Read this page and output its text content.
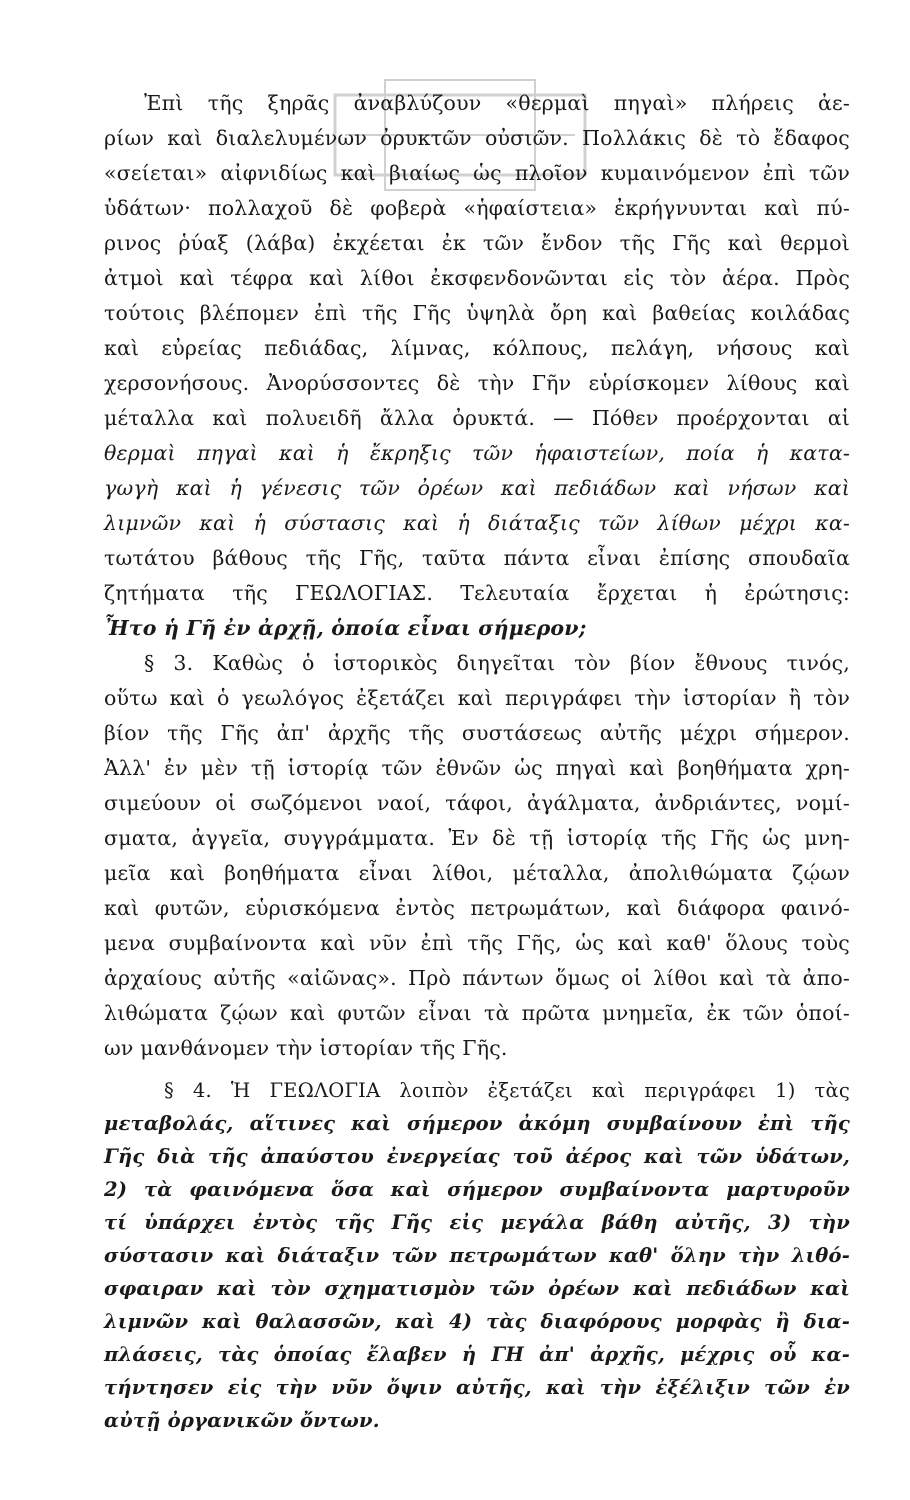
Ἐπὶ τῆς ξηρᾶς ἀναβλύζουν «θερμαὶ πηγαὶ» πλήρεις ἀε-
ρίων καὶ διαλελυμένων ὀρυκτῶν οὐσιῶν. Πολλάκις δὲ τὸ ἔδαφος
«σείεται» αἰφνιδίως καὶ βιαίως ὡς πλοῖον κυμαινόμενον ἐπὶ τῶν
ὑδάτων· πολλαχοῦ δὲ φοβερὰ «ἡφαίστεια» ἐκρήγνυνται καὶ πύ-
ρινος ῥύαξ (λάβα) ἐκχέεται ἐκ τῶν ἔνδον τῆς Γῆς καὶ θερμοὶ
ἀτμοὶ καὶ τέφρα καὶ λίθοι ἐκσφενδονῶνται εἰς τὸν ἀέρα. Πρὸς
τούτοις βλέπομεν ἐπὶ τῆς Γῆς ὑψηλὰ ὄρη καὶ βαθείας κοιλάδας
καὶ εὐρείας πεδιάδας, λίμνας, κόλπους, πελάγη, νήσους καὶ
χερσονήσους. Ἀνορύσσοντες δὲ τὴν Γῆν εὑρίσκομεν λίθους καὶ
μέταλλα καὶ πολυειδῆ ἄλλα ὀρυκτά. — Πόθεν προέρχονται αἱ
θερμαὶ πηγαὶ καὶ ἡ ἔκρηξις τῶν ἡφαιστείων, ποία ἡ κατα-
γωγὴ καὶ ἡ γένεσις τῶν ὀρέων καὶ πεδιάδων καὶ νήσων καὶ
λιμνῶν καὶ ἡ σύστασις καὶ ἡ διάταξις τῶν λίθων μέχρι κα-
τωτάτου βάθους τῆς Γῆς, ταῦτα πάντα εἶναι ἐπίσης σπουδαῖα
ζητήματα τῆς ΓΕΩΛΟΓΙΑΣ. Τελευταία ἔρχεται ἡ ἐρώτησις:
Ἦτο ἡ Γῆ ἐν ἀρχῇ, ὁποία εἶναι σήμερον;
§ 3. Καθὼς ὁ ἱστορικὸς διηγεῖται τὸν βίον ἔθνους τινός,
οὕτω καὶ ὁ γεωλόγος ἐξετάζει καὶ περιγράφει τὴν ἱστορίαν ἢ τὸν
βίον τῆς Γῆς ἀπ' ἀρχῆς τῆς συστάσεως αὐτῆς μέχρι σήμερον.
Ἀλλ' ἐν μὲν τῇ ἱστορίᾳ τῶν ἐθνῶν ὡς πηγαὶ καὶ βοηθήματα χρη-
σιμεύουν οἱ σωζόμενοι ναοί, τάφοι, ἀγάλματα, ἀνδριάντες, νομί-
σματα, ἀγγεῖα, συγγράμματα. Ἐν δὲ τῇ ἱστορίᾳ τῆς Γῆς ὡς μνη-
μεῖα καὶ βοηθήματα εἶναι λίθοι, μέταλλα, ἀπολιθώματα ζῴων
καὶ φυτῶν, εὑρισκόμενα ἐντὸς πετρωμάτων, καὶ διάφορα φαινό-
μενα συμβαίνοντα καὶ νῦν ἐπὶ τῆς Γῆς, ὡς καὶ καθ' ὅλους τοὺς
ἀρχαίους αὐτῆς «αἰῶνας». Πρὸ πάντων ὅμως οἱ λίθοι καὶ τὰ ἀπο-
λιθώματα ζῴων καὶ φυτῶν εἶναι τὰ πρῶτα μνημεῖα, ἐκ τῶν ὁποί-
ων μανθάνομεν τὴν ἱστορίαν τῆς Γῆς.
§ 4. Ἡ ΓΕΩΛΟΓΙΑ λοιπὸν ἐξετάζει καὶ περιγράφει 1) τὰς
μεταβολάς, αἵτινες καὶ σήμερον ἀκόμη συμβαίνουν ἐπὶ τῆς
Γῆς διὰ τῆς ἀπαύστου ἐνεργείας τοῦ ἀέρος καὶ τῶν ὑδάτων,
2) τὰ φαινόμενα ὅσα καὶ σήμερον συμβαίνοντα μαρτυροῦν
τί ὑπάρχει ἐντὸς τῆς Γῆς εἰς μεγάλα βάθη αὐτῆς, 3) τὴν
σύστασιν καὶ διάταξιν τῶν πετρωμάτων καθ' ὅλην τὴν λιθό-
σφαιραν καὶ τὸν σχηματισμὸν τῶν ὀρέων καὶ πεδιάδων καὶ
λιμνῶν καὶ θαλασσῶν, καὶ 4) τὰς διαφόρους μορφὰς ἢ δια-
πλάσεις, τὰς ὁποίας ἔλαβεν ἡ ΓΗ ἀπ' ἀρχῆς, μέχρις οὗ κα-
τήντησεν εἰς τὴν νῦν ὄψιν αὐτῆς, καὶ τὴν ἐξέλιξιν τῶν ἐν
αὐτῇ ὀργανικῶν ὄντων.
